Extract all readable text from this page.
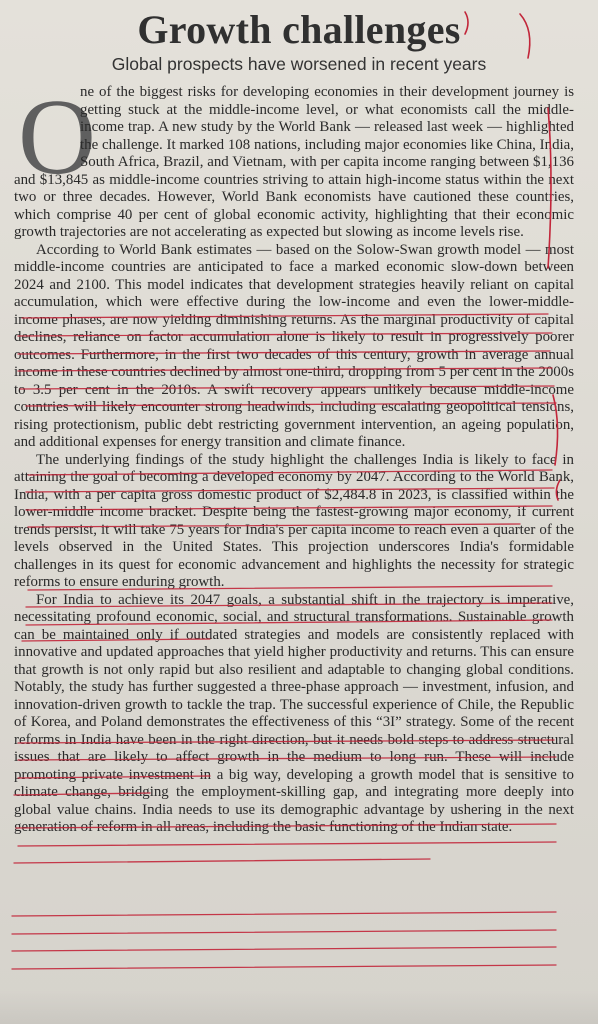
Growth challenges
Global prospects have worsened in recent years
O

ne of the biggest risks for developing economies in their development journey is getting stuck at the middle-income level, or what economists call the middle-income trap. A new study by the World Bank — released last week — highlighted the challenge. It marked 108 nations, including major economies like China, India, South Africa, Brazil, and Vietnam, with per capita income ranging between $1,136 and $13,845 as middle-income countries striving to attain high-income status within the next two or three decades. However, World Bank economists have cautioned these countries, which comprise 40 per cent of global economic activity, highlighting that their economic growth trajectories are not accelerating as expected but slowing as income levels rise.

According to World Bank estimates — based on the Solow-Swan growth model — most middle-income countries are anticipated to face a marked economic slow-down between 2024 and 2100. This model indicates that development strategies heavily reliant on capital accumulation, which were effective during the low-income and even the lower-middle-income phases, are now yielding diminishing returns. As the marginal productivity of capital declines, reliance on factor accumulation alone is likely to result in progressively poorer outcomes. Furthermore, in the first two decades of this century, growth in average annual income in these countries declined by almost one-third, dropping from 5 per cent in the 2000s to 3.5 per cent in the 2010s. A swift recovery appears unlikely because middle-income countries will likely encounter strong headwinds, including escalating geopolitical tensions, rising protectionism, public debt restricting government intervention, an ageing population, and additional expenses for energy transition and climate finance.

The underlying findings of the study highlight the challenges India is likely to face in attaining the goal of becoming a developed economy by 2047. According to the World Bank, India, with a per capita gross domestic product of $2,484.8 in 2023, is classified within the lower-middle income bracket. Despite being the fastest-growing major economy, if current trends persist, it will take 75 years for India's per capita income to reach even a quarter of the levels observed in the United States. This projection underscores India's formidable challenges in its quest for economic advancement and highlights the necessity for strategic reforms to ensure enduring growth.

For India to achieve its 2047 goals, a substantial shift in the trajectory is imperative, necessitating profound economic, social, and structural transformations. Sustainable growth can be maintained only if outdated strategies and models are consistently replaced with innovative and updated approaches that yield higher productivity and returns. This can ensure that growth is not only rapid but also resilient and adaptable to changing global conditions. Notably, the study has further suggested a three-phase approach — investment, infusion, and innovation-driven growth to tackle the trap. The successful experience of Chile, the Republic of Korea, and Poland demonstrates the effectiveness of this “3I” strategy. Some of the recent reforms in India have been in the right direction, but it needs bold steps to address structural issues that are likely to affect growth in the medium to long run. These will include promoting private investment in a big way, developing a growth model that is sensitive to climate change, bridging the employment-skilling gap, and integrating more deeply into global value chains. India needs to use its demographic advantage by ushering in the next generation of reform in all areas, including the basic functioning of the Indian state.
